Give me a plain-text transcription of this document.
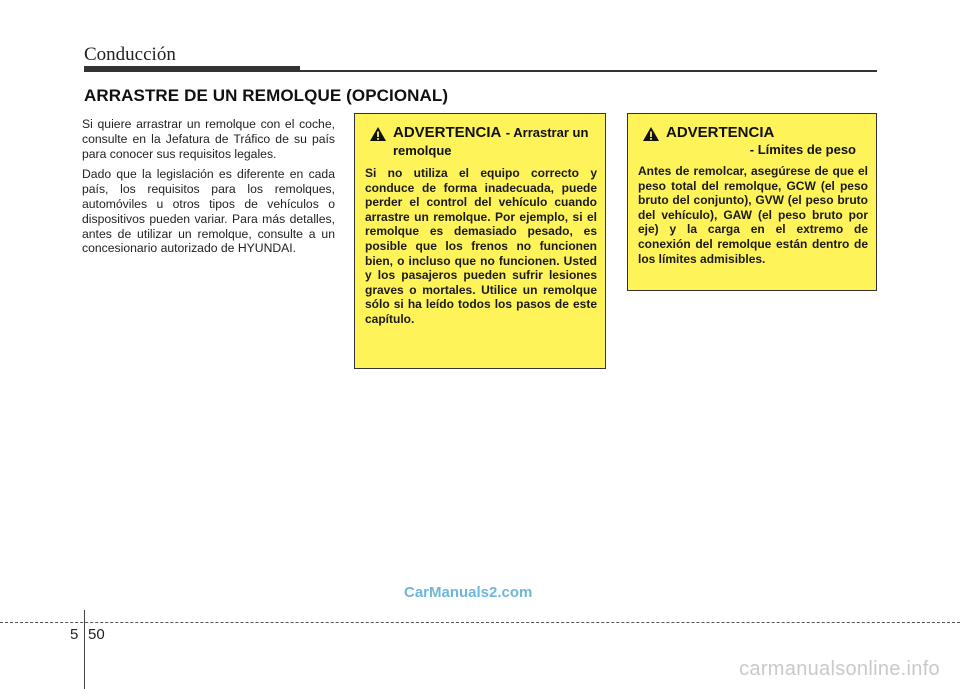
Conducción
ARRASTRE DE UN REMOLQUE (OPCIONAL)

Si quiere arrastrar un remolque con el coche, consulte en la Jefatura de Tráfico de su país para conocer sus requisitos legales.

Dado que la legislación es diferente en cada país, los requisitos para los remolques, automóviles u otros tipos de vehículos o dispositivos pueden variar. Para más detalles, antes de utilizar un remolque, consulte a un concesionario autorizado de HYUNDAI.

ADVERTENCIA - Arrastrar un remolque
Si no utiliza el equipo correcto y conduce de forma inadecuada, puede perder el control del vehículo cuando arrastre un remolque. Por ejemplo, si el remolque es demasiado pesado, es posible que los frenos no funcionen bien, o incluso que no funcionen. Usted y los pasajeros pueden sufrir lesiones graves o mortales. Utilice un remolque sólo si ha leído todos los pasos de este capítulo.
ADVERTENCIA
- Límites de peso
Antes de remolcar, asegúrese de que el peso total del remolque, GCW (el peso bruto del conjunto), GVW (el peso bruto del vehículo), GAW (el peso bruto por eje) y la carga en el extremo de conexión del remolque están dentro de los límites admisibles.
CarManuals2.com
5 50
carmanualsonline.info
